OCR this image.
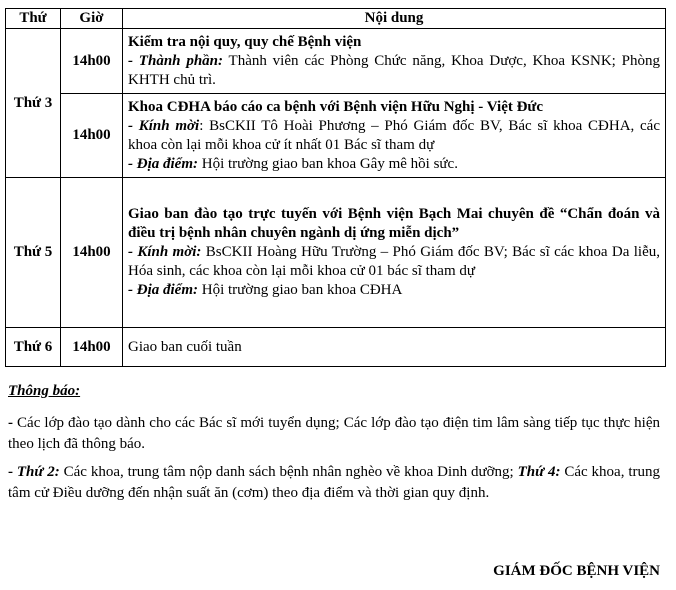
Thứ	Giờ	Nội dung
Thứ 3	14h00	Kiểm tra nội quy, quy chế Bệnh viện
- Thành phần: Thành viên các Phòng Chức năng, Khoa Dược, Khoa KSNK; Phòng KHTH chủ trì.

	14h00	Khoa CĐHA báo cáo ca bệnh với Bệnh viện Hữu Nghị - Việt Đức
- Kính mời: BsCKII Tô Hoài Phương – Phó Giám đốc BV, Bác sĩ khoa CĐHA, các khoa còn lại mỗi khoa cử ít nhất 01 Bác sĩ tham dự
- Địa điểm: Hội trường giao ban khoa Gây mê hồi sức.

Thứ 5	14h00	Giao ban đào tạo trực tuyến với Bệnh viện Bạch Mai chuyên đề “Chẩn đoán và điều trị bệnh nhân chuyên ngành dị ứng miễn dịch”
- Kính mời: BsCKII Hoàng Hữu Trường – Phó Giám đốc BV; Bác sĩ các khoa Da liễu, Hóa sinh, các khoa còn lại mỗi khoa cử 01 bác sĩ tham dự
- Địa điểm: Hội trường giao ban khoa CĐHA

Thứ 6	14h00	Giao ban cuối tuần
Thông báo:
- Các lớp đào tạo dành cho các Bác sĩ mới tuyển dụng; Các lớp đào tạo điện tim lâm sàng tiếp tục thực hiện theo lịch đã thông báo.
- Thứ 2: Các khoa, trung tâm nộp danh sách bệnh nhân nghèo về khoa Dinh dưỡng; Thứ 4: Các khoa, trung tâm cử Điều dưỡng đến nhận suất ăn (cơm) theo địa điểm và thời gian quy định.
GIÁM ĐỐC BỆNH VIỆN
